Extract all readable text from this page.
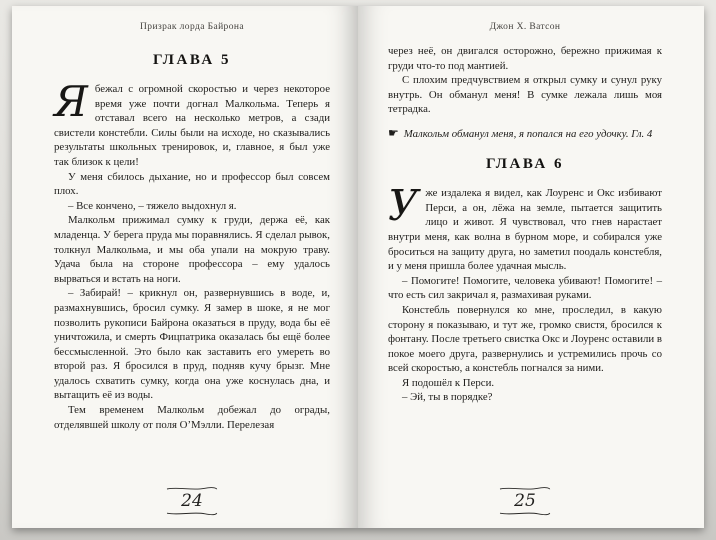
Призрак лорда Байрона
ГЛАВА 5

Ябежал с огромной скоростью и через некоторое время уже почти догнал Малкольма. Теперь я отставал всего на несколько метров, а сзади свистели констебли. Силы были на исходе, но сказывались результаты школьных тренировок, и, главное, я был уже так близок к цели!

У меня сбилось дыхание, но и профессор был совсем плох.

– Все кончено, – тяжело выдохнул я.

Малкольм прижимал сумку к груди, держа её, как младенца. У берега пруда мы поравнялись. Я сделал рывок, толкнул Малкольма, и мы оба упали на мокрую траву. Удача была на стороне профессора – ему удалось вырваться и встать на ноги.

– Забирай! – крикнул он, развернувшись в воде, и, размахнувшись, бросил сумку. Я замер в шоке, я не мог позволить рукописи Байрона оказаться в пруду, вода бы её уничтожила, и смерть Фицпатрика оказалась бы ещё более бессмысленной. Это было как заставить его умереть во второй раз. Я бросился в пруд, подняв кучу брызг. Мне удалось схватить сумку, когда она уже коснулась дна, и вытащить её из воды.

Тем временем Малкольм добежал до ограды, отделявшей школу от поля О’Мэлли. Перелезая

24
Джон Х. Ватсон

через неё, он двигался осторожно, бережно прижимая к груди что-то под мантией.

С плохим предчувствием я открыл сумку и сунул руку внутрь. Он обманул меня! В сумке лежала лишь моя тетрадка.

☛ Малкольм обманул меня, я попался на его удочку. Гл. 4

ГЛАВА 6

Уже издалека я видел, как Лоуренс и Окс избивают Перси, а он, лёжа на земле, пытается защитить лицо и живот. Я чувствовал, что гнев нарастает внутри меня, как волна в бурном море, и собирался уже броситься на защиту друга, но заметил поодаль констебля, и у меня пришла более удачная мысль.

– Помогите! Помогите, человека убивают! Помогите! – что есть сил закричал я, размахивая руками.

Констебль повернулся ко мне, проследил, в какую сторону я показываю, и тут же, громко свистя, бросился к фонтану. После третьего свистка Окс и Лоуренс оставили в покое моего друга, развернулись и устремились прочь со всей скоростью, а констебль погнался за ними.

Я подошёл к Перси.

– Эй, ты в порядке?

25
